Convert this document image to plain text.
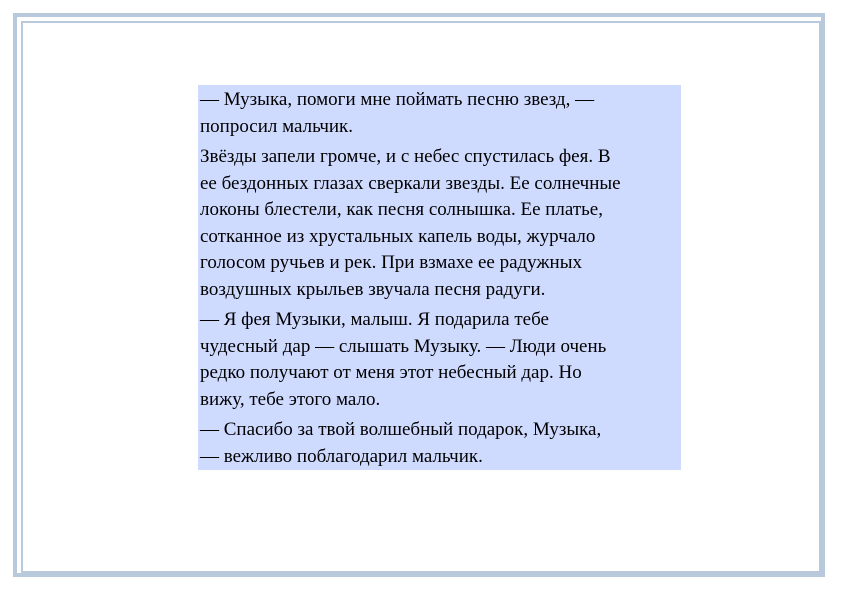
— Музыка, помоги мне поймать песню звезд, —
попросил мальчик.

Звёзды запели громче, и с небес спустилась фея. В
ее бездонных глазах сверкали звезды. Ее солнечные
локоны блестели, как песня солнышка. Ее платье,
сотканное из хрустальных капель воды, журчало
голосом ручьев и рек. При взмахе ее радужных
воздушных крыльев звучала песня радуги.

— Я фея Музыки, малыш. Я подарила тебе
чудесный дар — слышать Музыку. — Люди очень
редко получают от меня этот небесный дар. Но
вижу, тебе этого мало.

— Спасибо за твой волшебный подарок, Музыка,
— вежливо поблагодарил мальчик.
